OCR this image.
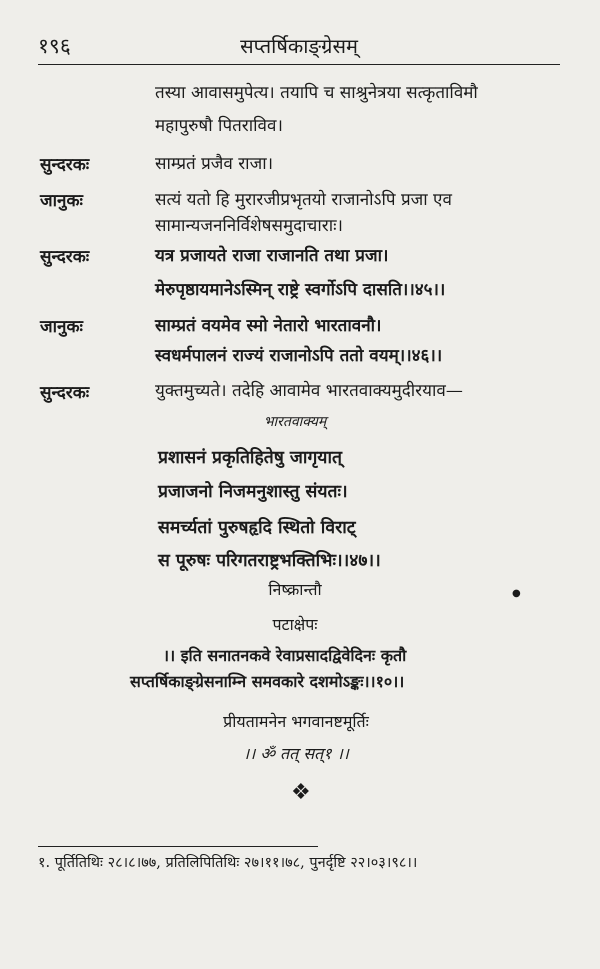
१९६	सप्तर्षिकाङ्ग्रेसम्
तस्या आवासमुपेत्य। तयापि च साश्रुनेत्रया सत्कृताविमौ
महापुरुषौ पितराविव।
सुन्दरकः	साम्प्रतं प्रजैव राजा।
जानुकः	सत्यं यतो हि मुरारजीप्रभृतयो राजानोऽपि प्रजा एव
सामान्यजननिर्विशेषसमुदाचाराः।
सुन्दरकः	यत्र प्रजायते राजा राजानति तथा प्रजा।
मेरुपृष्ठायमानेऽस्मिन् राष्ट्रे स्वर्गोऽपि दासति।।४५।।
जानुकः	साम्प्रतं वयमेव स्मो नेतारो भारतावनौ।
स्वधर्मपालनं राज्यं राजानोऽपि ततो वयम्।।४६।।
सुन्दरकः	युक्तमुच्यते। तदेहि आवामेव भारतवाक्यमुदीरयाव—
भारतवाक्यम्
प्रशासनं प्रकृतिहितेषु जागृयात्
प्रजाजनो निजमनुशास्तु संयतः।
समर्च्यतां पुरुषहृदि स्थितो विराट्
स पूरुषः परिगतराष्ट्रभक्तिभिः।।४७।।
निष्क्रान्तौ	●
पटाक्षेपः
।। इति सनातनकवे रेवाप्रसादद्विवेदिनः कृतौ
सप्तर्षिकाङ्ग्रेसनाम्नि समवकारे दशमोऽङ्कः।।१०।।
प्रीयतामनेन भगवानष्टमूर्तिः
।। ॐ तत् सत्१ ।।
❖
१. पूर्तितिथिः २८।८।७७, प्रतिलिपितिथिः २७।११।७८, पुनर्दृष्टि २२।०३।९८।।
